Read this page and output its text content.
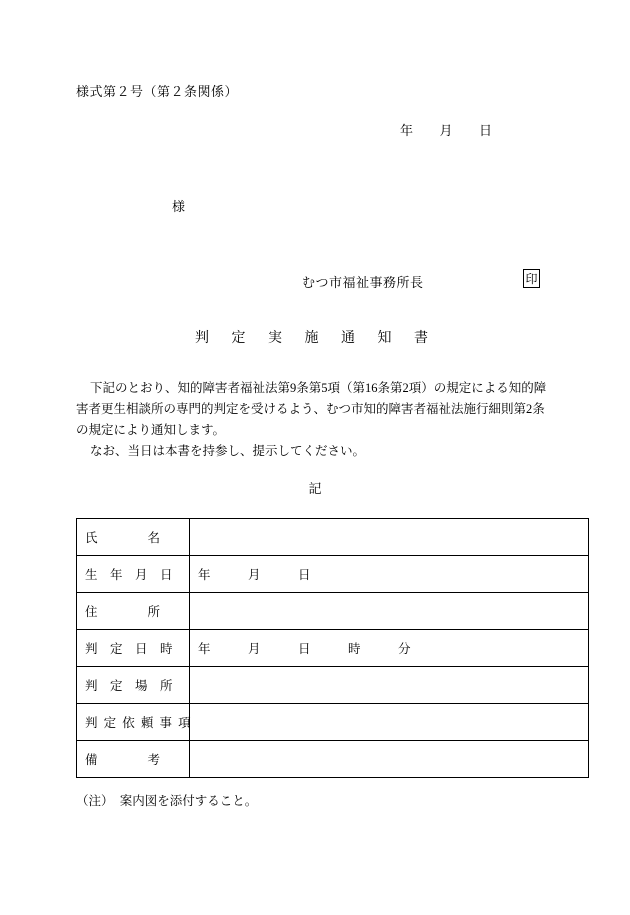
様式第２号（第２条関係）
年 月 日
様
むつ市福祉事務所長	印
判 定 実 施 通 知 書

下記のとおり、知的障害者福祉法第9条第5項（第16条第2項）の規定による知的障害者更生相談所の専門的判定を受けるよう、むつ市知的障害者福祉法施行細則第2条の規定により通知します。

なお、当日は本書を持参し、提示してください。

記
氏　　　　名	
生　年　月　日	年　　　月　　　日
住　　　　所	
判　定　日　時	年　　　月　　　日　　　時　　　分
判　定　場　所	
判 定 依 頼 事 項	
備　　　　考	
（注）　案内図を添付すること。
